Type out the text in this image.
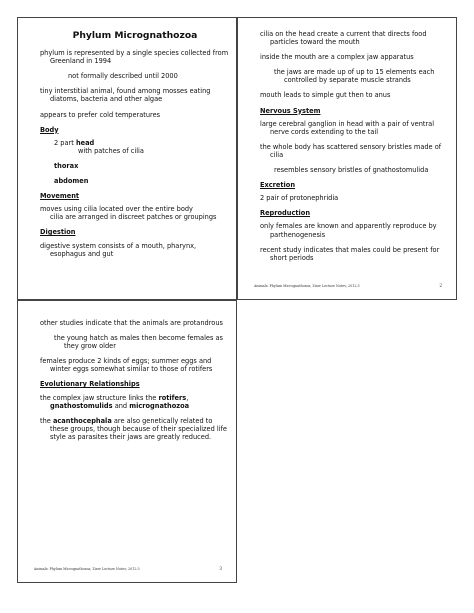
Phylum Micrognathozoa
phylum is represented by a single species collected from Greenland in 1994
not formally described until 2000
tiny interstitial animal, found among mosses eating diatoms, bacteria and other algae
appears to prefer cold temperatures
Body
2 part head
with patches of cilia
thorax
abdomen
Movement
moves using cilia located over the entire body
cilia are arranged in discreet patches or groupings
Digestion
digestive system consists of a mouth, pharynx, esophagus and gut
cilia on the head create a current that directs food particles toward the mouth
inside the mouth are a complex jaw apparatus
the jaws are made up of up to 15 elements each controlled by separate muscle strands
mouth leads to simple gut then to anus
Nervous System
large cerebral ganglion in head with a pair of ventral nerve cords extending to the tail
the whole body has scattered sensory bristles made of cilia
resembles sensory bristles of gnathostomulida
Excretion
2 pair of protonephridia
Reproduction
only females are known and apparently reproduce by parthenogenesis
recent study indicates that males could be present for short periods
Animals: Phylum Micrognathozoa; Ziser Lecture Notes; 2012.5	2
other studies indicate that the animals are protandrous
the young hatch as males then become females as they grow older
females produce 2 kinds of eggs; summer eggs and winter eggs somewhat similar to those of rotifers
Evolutionary Relationships
the complex jaw structure links the rotifers, gnathostomulids and micrognathozoa
the acanthocephala are also genetically related to these groups, though because of their specialized life style as parasites their jaws are greatly reduced.
Animals: Phylum Micrognathozoa; Ziser Lecture Notes; 2012.5	3
